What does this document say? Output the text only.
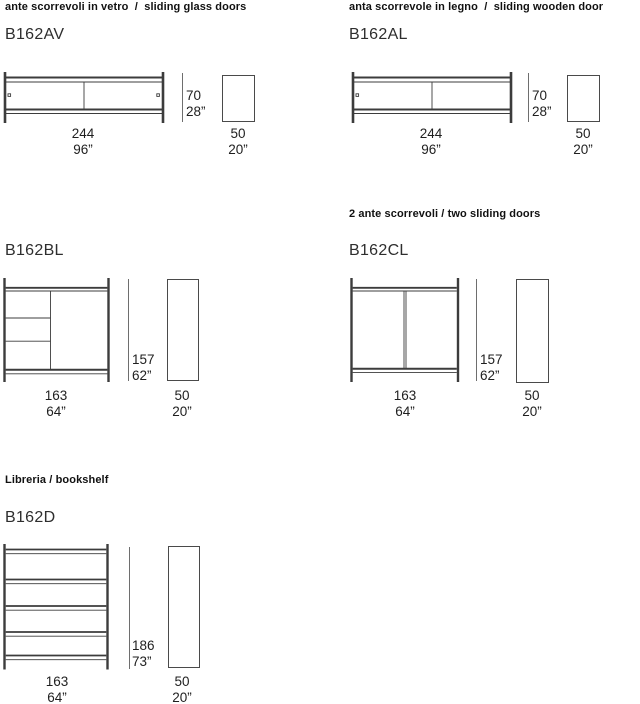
ante scorrevoli in vetro  /  sliding glass doors
B162AV
70
28”
244
96”
50
20”
anta scorrevole in legno  /  sliding wooden door
B162AL
70
28”
244
96”
50
20”
B162BL
157
62”
163
64”
50
20”
2 ante scorrevoli / two sliding doors
B162CL
157
62”
163
64”
50
20”
Libreria / bookshelf
B162D
186
73”
163
64”
50
20”
